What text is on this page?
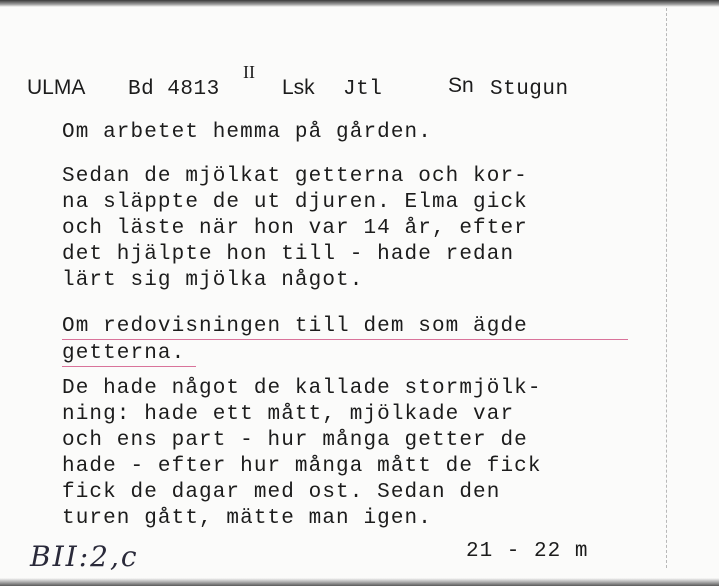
ULMA Bd 4813
II
Lsk Jtl	Sn Stugun
Om arbetet hemma på gården.
Sedan de mjölkat getterna och kor-
na släppte de ut djuren. Elma gick
och läste när hon var 14 år, efter
det hjälpte hon till - hade redan
lärt sig mjölka något.
Om redovisningen till dem som ägde
getterna.
De hade något de kallade stormjölk-
ning: hade ett mått, mjölkade var
och ens part - hur många getter de
hade - efter hur många mått de fick
fick de dagar med ost. Sedan den
turen gått, mätte man igen.
BII:2,c	21 - 22 m
